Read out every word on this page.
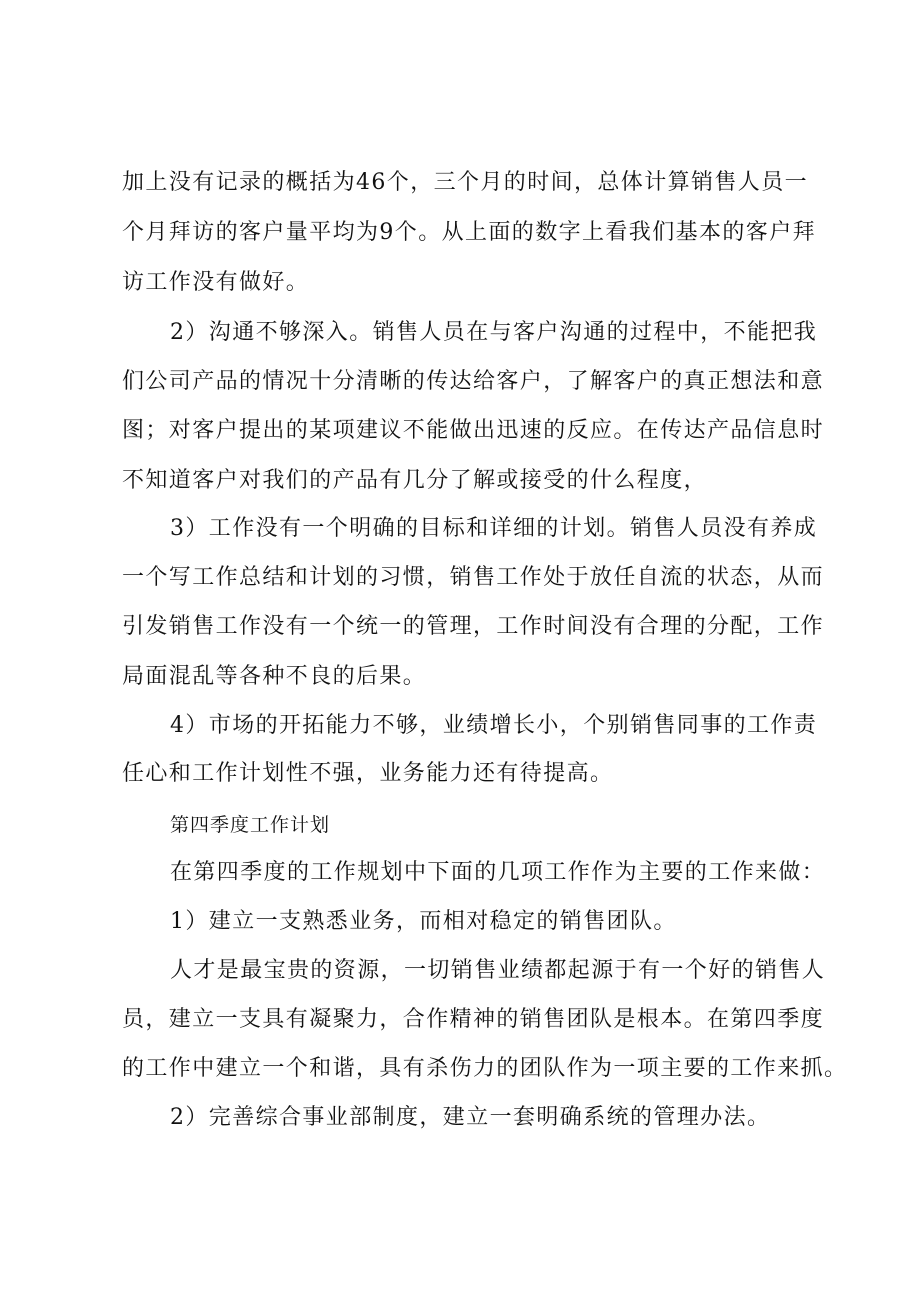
加上没有记录的概括为46个，三个月的时间，总体计算销售人员一

个月拜访的客户量平均为9个。从上面的数字上看我们基本的客户拜

访工作没有做好。

2）沟通不够深入。销售人员在与客户沟通的过程中，不能把我

们公司产品的情况十分清晰的传达给客户，了解客户的真正想法和意

图；对客户提出的某项建议不能做出迅速的反应。在传达产品信息时

不知道客户对我们的产品有几分了解或接受的什么程度，

3）工作没有一个明确的目标和详细的计划。销售人员没有养成

一个写工作总结和计划的习惯，销售工作处于放任自流的状态，从而

引发销售工作没有一个统一的管理，工作时间没有合理的分配，工作

局面混乱等各种不良的后果。

4）市场的开拓能力不够，业绩增长小，个别销售同事的工作责

任心和工作计划性不强，业务能力还有待提高。

第四季度工作计划

在第四季度的工作规划中下面的几项工作作为主要的工作来做：

1）建立一支熟悉业务，而相对稳定的销售团队。

人才是最宝贵的资源，一切销售业绩都起源于有一个好的销售人

员，建立一支具有凝聚力，合作精神的销售团队是根本。在第四季度

的工作中建立一个和谐，具有杀伤力的团队作为一项主要的工作来抓。

2）完善综合事业部制度，建立一套明确系统的管理办法。
